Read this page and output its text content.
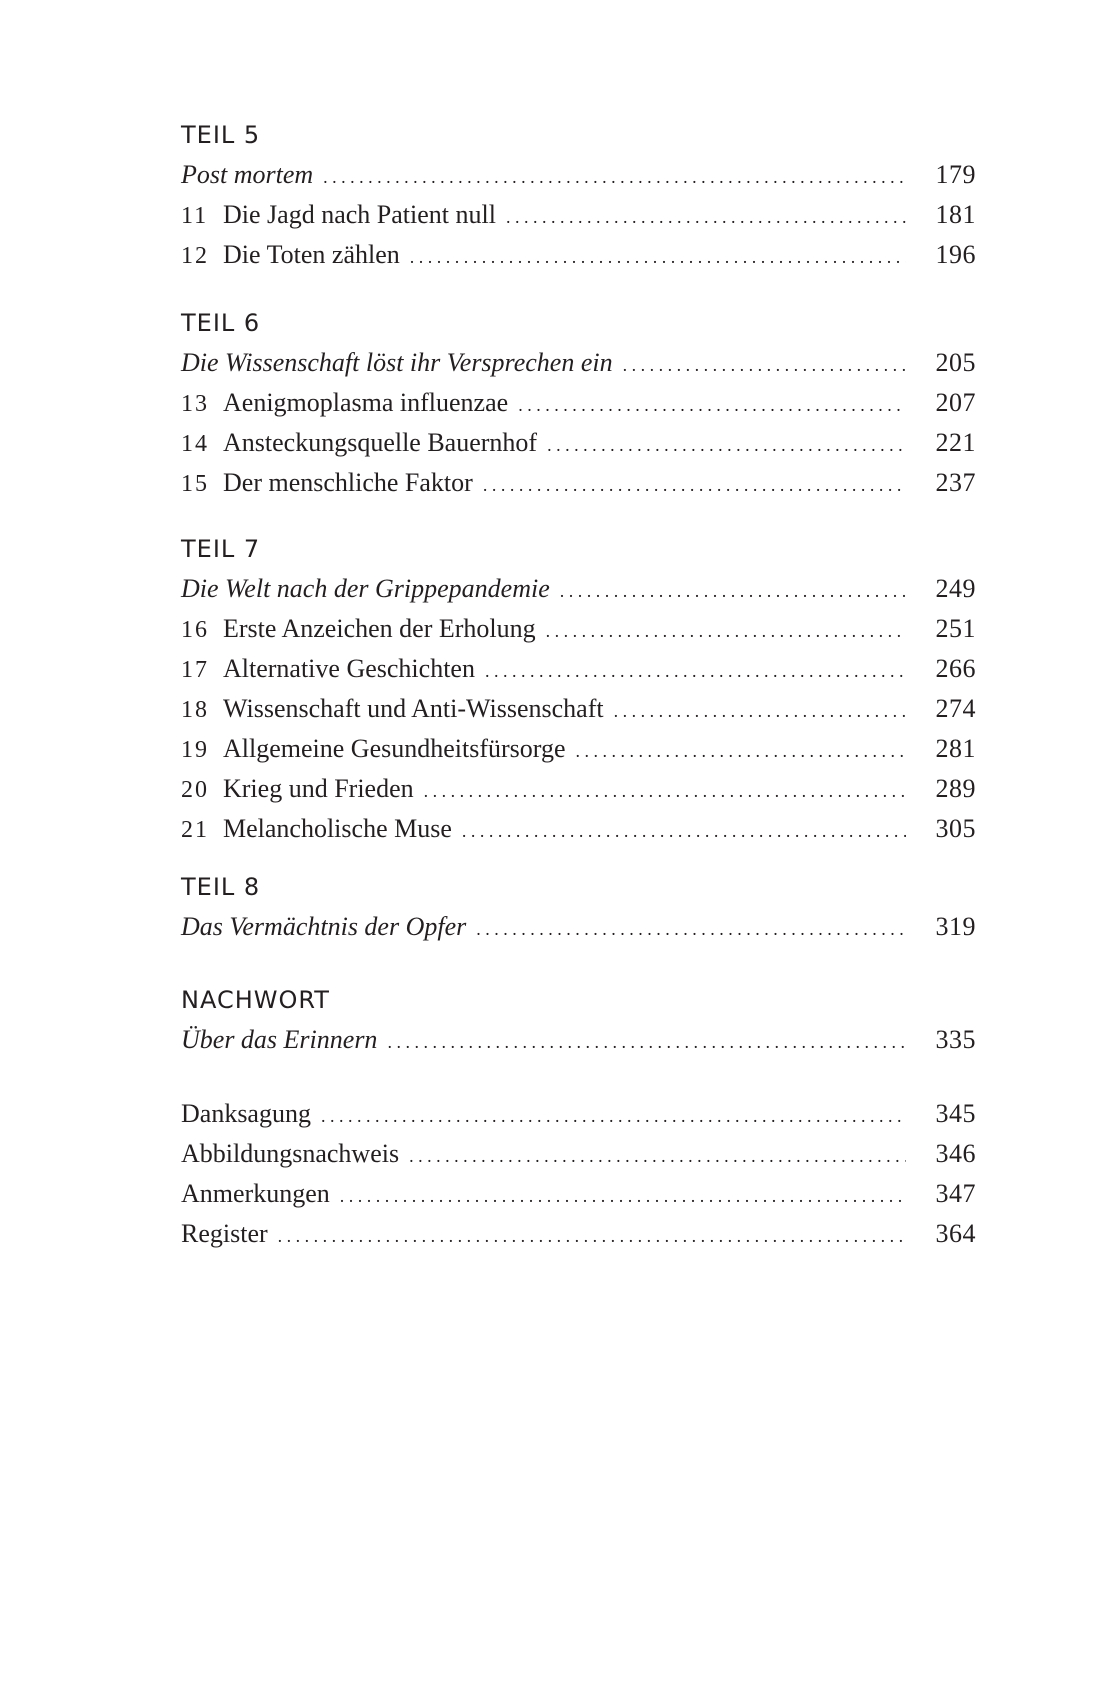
TEIL 5
Post mortem . . .	179
11 Die Jagd nach Patient null . . .	181
12 Die Toten zählen . . .	196
TEIL 6
Die Wissenschaft löst ihr Versprechen ein . . .	205
13 Aenigmoplasma influenzae . . .	207
14 Ansteckungsquelle Bauernhof . . .	221
15 Der menschliche Faktor . . .	237
TEIL 7
Die Welt nach der Grippepandemie . . .	249
16 Erste Anzeichen der Erholung . . .	251
17 Alternative Geschichten . . .	266
18 Wissenschaft und Anti-Wissenschaft . . .	274
19 Allgemeine Gesundheitsfürsorge . . .	281
20 Krieg und Frieden . . .	289
21 Melancholische Muse . . .	305
TEIL 8
Das Vermächtnis der Opfer . . .	319
NACHWORT
Über das Erinnern . . .	335
Danksagung . . .	345
Abbildungsnachweis . . .	346
Anmerkungen . . .	347
Register . . .	364
